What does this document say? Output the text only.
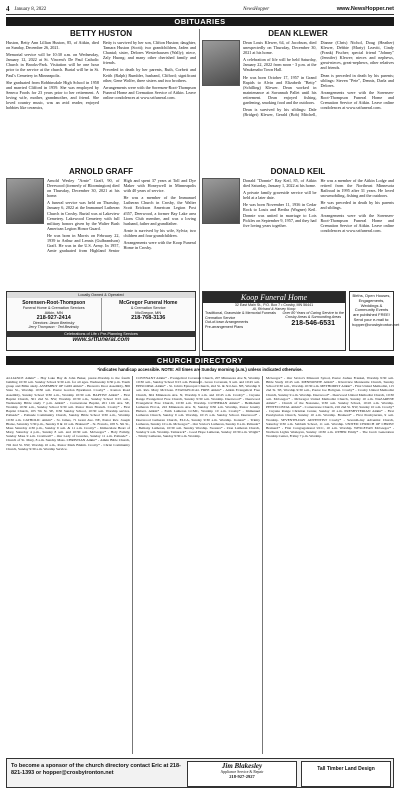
4 January 8, 2022	NewsHopper	www.NewsHopper.net
OBITUARIES
BETTY HUSTON

Huston, Betty Ann Lillian Huston, 85, of Aitkin, died on Sunday, December 26, 2021.

Memorial service will be 10:30 a.m. on Wednesday, January 12, 2022 at St. Vincent's De Paul Catholic Church in Brooks-Park. Visitation will be one hour prior to the service at the church. Burial will be in St. Paul's Cemetery in Minneapolis.

She graduated from Robbinsdale High School in 1958 and married Clifford in 1959. She was employed by Seneca Foods for 23 years prior to her retirement. A loving wife, mother, grandmother, and friend. She loved country music, was an avid reader, enjoyed hobbies like ceramics,

Betty is survived by her son, Clifton Huston; daughter, Tamara Huston (Scott); two grandchildren, Jaden and Chantal; sister, Delores Westerhausen (Wally); niece, Zaly Huong; and many other cherished family and friends.

Preceded in death by her parents, Ruth, Corbett and Keith (Ralph) Rumbler, husband, Clifford; significant other, Gene Wolfer, three sisters and two brothers.

Arrangements were with the Sorensen-Root-Thompson Funeral Home and Cremation Service of Aitkin. Leave online condolences at www.srtfuneral.com.

DEAN KLEWER

Dean Louis Klewer, 64, of Jacobson, died unexpectedly on Thursday, December 30, 2021 at his home.

A celebration of life will be held Saturday, January 22, 2022 from noon - 3 p.m. at the Waukenabo Town Hall.

He was born October 17, 1957 in Grand Rapids to Alvin and Elizabeth "Betty" (Schilling) Klewer. Dean worked in maintenance at Savannah Pallet until his retirement. Dean enjoyed fishing, gardening, smoking food and the outdoors.

Dean is survived by his siblings: Dale (Bridget) Klewer, Gerald (Bob) Mitchell, Dianne (Chris) Nichol, Doug (Heather) Klewer, Debbie (Marty) Leavitt, Cindy (Frank) Fischer; special friend "Johnny" (Jennifer) Klewer; nieces and nephews, great-nieces, great-nephews, other relatives and friends.

Dean is preceded in death by his parents; siblings: Steven "Pete", Dennis, Darla and Delores.

Arrangements were with the Sorensen-Root-Thompson Funeral Home and Cremation Service of Aitkin. Leave online condolences at www.srtfuneral.com.

ARNOLD GRAFF

Arnold Wesley "Arnie" Graff, 90, of Deerwood (formerly of Bloomington) died on Thursday, December 30, 2021 at his home.

A funeral service was held on Thursday, January 6, 2022 at the Immanuel Lutheran Church in Crosby. Burial was at Lakeview Cemetery. Lakewood Cemetery with full military honors given by the Walter Bush American Legion Honor Guard.

He was born in Morris on February 22, 1939 to Arthur and Lennis (Gulbrandson) Graff. He was in the U.S. Army. In 1957, Arnie graduated from Highland Senior High and spent 37 years at Toll and Dye Maker with Honeywell in Minneapolis with 40 years of service.

He was a member of the Immanuel Lutheran Church in Crosby, the Walter Scott Erickson American Legion Post #357, Deerwood, a former Bay Lake area Lions Club member, and was a loving husband, father and grandfather.

Arnie is survived by his wife, Sylvia; two children and four grandchildren.

Arrangements were with the Koop Funeral Home in Crosby.

DONALD KEIL

Donald "Donnie" Ray Keil, 85, of Aitkin died Saturday, January 1, 2022 at his home.

A private family graveside service will be held at a later date.

He was born November 11, 1936 in Cedar Rock to Louis and Bertha (Wagner) Keil. Donnie was united in marriage to Lois Pickles on September 9, 1957, and they had five loving years together.

He was a member of the Aitkin Lodge and retired from the Northeast Minnesota Railroad in 1995 after 31 years. He loved snowmobiling, fishing and the outdoors.

He was preceded in death by his parents and siblings.

Arrangements were with the Sorensen-Root-Thompson Funeral Home and Cremation Service of Aitkin. Leave online condolences at www.srtfuneral.com.

Locally Owned & Operated
Sorensen-Root-Thompson
Funeral Home & Cremation Services
Aitkin, MN
218-927-2414
Directors: Jason Bezinsky
Jerry Thompson · Ted Bezinsky
McGregor Funeral Home
& Cremation Service
McGregor, MN
218-768-3136
Celebrations of Life • Pre-Planning Services
www.srtfuneral.com
Koop Funeral Home
32 East Main St., P.O. Box 7 • Crosby, MN 56441
Al, Richard & Harvey Koop
Traditional, Graveside & Memorial Funerals
Cremation Service
Out-of-town Arrangements
Pre-arrangement Plans
Over 80 Years of Caring Service to the Crosby Areas & Surrounding Areas
218-546-6531
Births, Open Houses, Engagements, Weddings & Community Events are published FREE! Send your e-mail to: hopper@crosbyironton.net
CHURCH DIRECTORY
*indicates handicap accessible. NOTE: All times are Sunday morning (a.m.) unless indicated otherwise.
ALLIANCE Aitkin* - Hay Lake Bay & John Baker, pastor-Worship is the fourth building 10:30 a.m. Sunday School 9:30 a.m. for all ages. Wednesday 6:30 p.m. Youth group and Bible study. ASSEMBLY OF GOD Aitkin* - Heaven's Door Assembly, 806 State St., Worship 10:30 a.m. Pastor Gordon Bjorklund. Crosby* - Ironton Road Assembly, Sunday School 9:30 a.m., Worship 10:30 a.m. BAPTIST Aitkin* - First Baptist Church, 301 2nd St. NW, Worship 10:30 a.m., Sunday School 9:15 a.m., Wednesday Bible study 7 p.m. Aitkin* - Cornerstone Baptist, 201 11th Ave. SE, Worship 10:30 a.m., Sunday School 9:30 a.m. Pastor Dave Bratsch. Crosby* - First Baptist Church, 105 7th St. SE, 9:30 Sunday School, 10:30 a.m. Worship service. Palisade* - Palisade Community Church, Sunday Bible School 9:30 a.m., Worship 10:30 a.m. CATHOLIC Aitkin* - St. James, 71 Grant Ave. NE, Pastor Rev. Joseph Blaise, Saturday 5:30 p.m., Sunday 8 & 10 a.m. Brainerd* - St. Francis, 108 S. 5th St., Mass Saturday 4:30 p.m., Sunday 9 a.m. & 11 a.m. Crosby* - Immaculate Heart of Mary, Saturday 4 p.m., Sunday 8 a.m. and 10:30 a.m. McGregor* - Holy Family, Sunday Mass 9 a.m. Cromwell* - Our Lady of Lourdes, Sunday 11 a.m. Palisade* - Church of St. Mary, 8 a.m. Sunday Mass. CHRISTIAN Aitkin* - Aitkin Bible Church, 702 2nd St. NW, Worship 10 a.m., Pastor Mark Bluhm. Crosby* - Christ Community Church, Sunday 9:30 a.m. Worship Service.
COVENANT Aitkin* - Evangelical Covenant Church, 207 Minnesota Ave N, Worship 10:30 a.m., Sunday School 9:15 a.m. Brainerd - Grace Covenant, 9 a.m. and 10:45 a.m. EPISCOPAL Aitkin* - St. John's Episcopal Church, 2nd St. & 3rd Ave. NE, Worship 9 a.m. Rev. Mary McClean. EVANGELICAL FREE Aitkin* - Aitkin Evangelical Free Church, 604 Minnesota Ave. N, Worship 9 a.m. and 10:45 a.m. Crosby* - Cuyuna Range Evangelical Free Church, Sunday 9:30 a.m. Worship. Deerwood* - Deerwood Evangelical Free Church, 10:30 a.m. Worship. LUTHERAN Aitkin* - Bethlehem Lutheran ELCA, 222 Minnesota Ave. N, Sunday 9:30 a.m. Worship, Pastor Jeremy Hubert. Aitkin* - Faith Lutheran LCMC, Worship 10 a.m. Crosby* - Immanuel Lutheran Church, Sunday 9 a.m. Worship, 10:15 a.m. Sunday School. Deerwood* - Deerwood Lutheran Church, ELCA, Sunday 9:30 a.m. Worship. Ironton* - Trinity Lutheran, Sunday 10 a.m. McGregor* - Our Savior's Lutheran, Sunday 9 a.m. Palisade* - Bethany Lutheran, 10:30 a.m. Sunday Worship. Swatara* - Zion Lutheran Church, Sunday 9 a.m. Worship. Tamarack* - Good Hope Lutheran, Sunday 10:30 a.m. Wright* - Trinity Lutheran, Sunday 9:30 a.m. Worship.
McGregor* - Our Savior's Missouri Synod, Pastor Joshua Frankel, Worship 9:30 a.m. Bible Study 10:45 a.m. MENNONITE Aitkin* - Riverview Mennonite Church, Sunday School 9:30 a.m., Worship 10:30 a.m. METHODIST Aitkin* - First United Methodist, 115 2nd St. SE, Worship 9:30 a.m., Pastor Joe Holtgren. Crosby* - Crosby United Methodist Church, Sunday 9 a.m. Worship. Deerwood* - Deerwood United Methodist Church, 10:30 a.m. McGregor* - McGregor United Methodist Church, Sunday 10 a.m. NAZARENE Aitkin* - Church of the Nazarene, 9:30 a.m. Sunday School, 10:45 a.m. Worship. PENTECOSTAL Aitkin* - Cornerstone Church, 216 2nd St. NW, Sunday 10 a.m. Crosby* - Cuyuna Range Christian Center, Sunday 10 a.m. PRESBYTERIAN Aitkin* - First Presbyterian Church, Sunday 10 a.m. Worship. Brainerd* - First Presbyterian, 9 a.m. Worship. SEVENTH-DAY ADVENTIST Crosby* - Seventh-day Adventist Church, Saturday 9:30 a.m. Sabbath School, 11 a.m. Worship. UNITED CHURCH OF CHRIST Brainerd* - First Congregational UCC, 10 a.m. Worship. WESLEYAN McGregor* - Northern Lights Wesleyan, Sunday 10:30 a.m. OTHER Emily* - The Jacob Generation Worship Center, Friday 7 p.m. Worship.
To become a sponsor of the church directory contact Eric at 218-821-1393 or hopper@crosbyironton.net
Jim Blakesley
Appliance Service & Repair
218-927-2927
Tall Timber Land Design
